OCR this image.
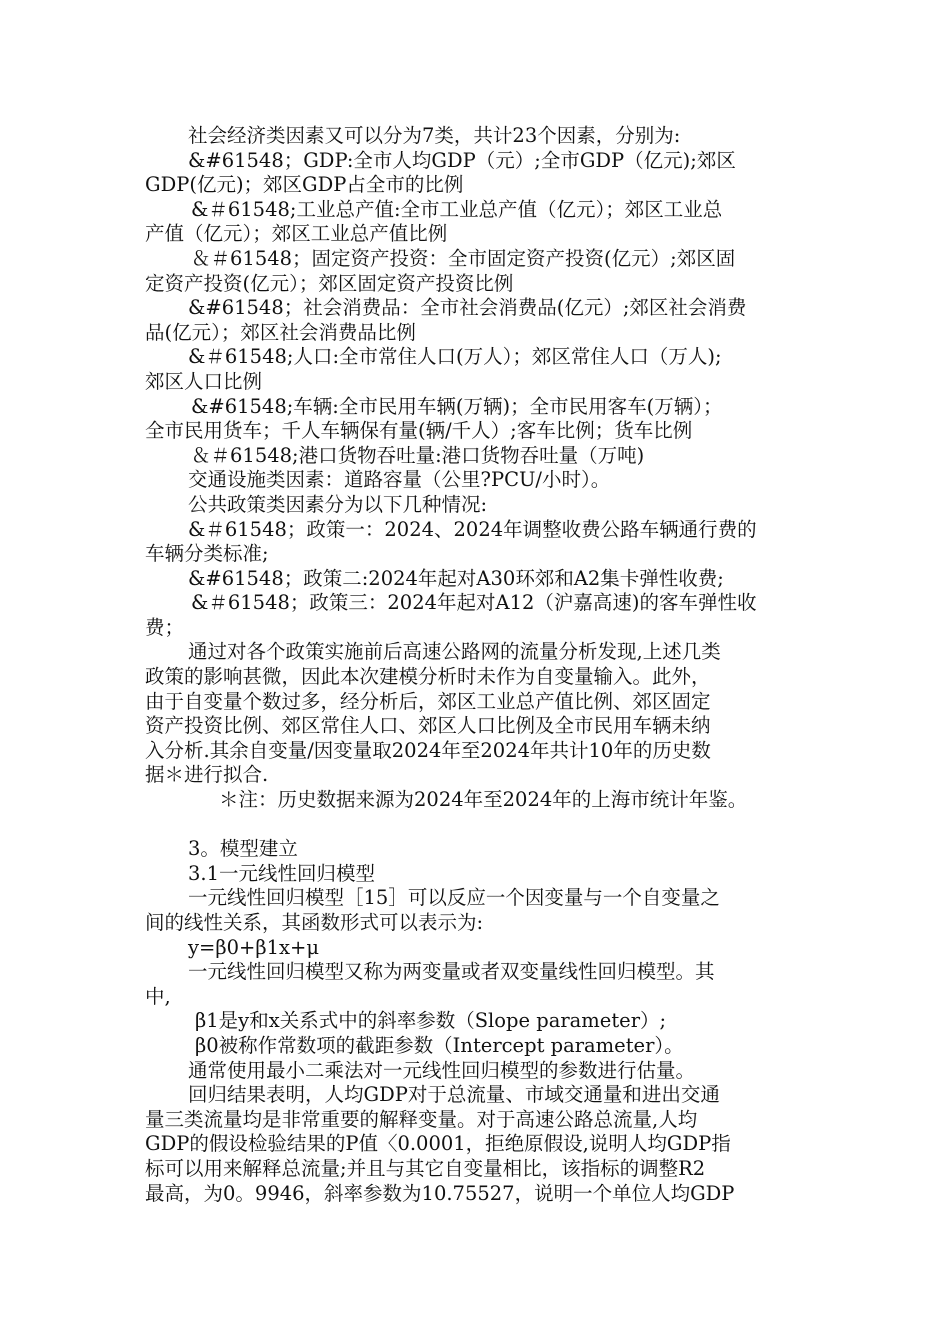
社会经济类因素又可以分为7类，共计23个因素，分别为:
&#61548；GDP:全市人均GDP（元）;全市GDP（亿元);郊区
GDP(亿元)；郊区GDP占全市的比例
&＃61548;工业总产值:全市工业总产值（亿元）；郊区工业总
产值（亿元）；郊区工业总产值比例
＆＃61548；固定资产投资：全市固定资产投资(亿元）;郊区固
定资产投资(亿元）；郊区固定资产投资比例
&#61548；社会消费品：全市社会消费品(亿元）;郊区社会消费
品(亿元）；郊区社会消费品比例
&＃61548;人口:全市常住人口(万人）；郊区常住人口（万人);
郊区人口比例
&#61548;车辆:全市民用车辆(万辆)；全市民用客车(万辆）；
全市民用货车；千人车辆保有量(辆/千人）;客车比例；货车比例
＆＃61548;港口货物吞吐量:港口货物吞吐量（万吨)
交通设施类因素：道路容量（公里?PCU/小时）。
公共政策类因素分为以下几种情况:
&＃61548；政策一：2024、2024年调整收费公路车辆通行费的
车辆分类标准;
&#61548；政策二:2024年起对A30环郊和A2集卡弹性收费;
&＃61548；政策三：2024年起对A12（沪嘉高速)的客车弹性收
费；
通过对各个政策实施前后高速公路网的流量分析发现,上述几类
政策的影响甚微，因此本次建模分析时未作为自变量输入。此外，
由于自变量个数过多，经分析后，郊区工业总产值比例、郊区固定
资产投资比例、郊区常住人口、郊区人口比例及全市民用车辆未纳
入分析.其余自变量/因变量取2024年至2024年共计10年的历史数
据＊进行拟合.
＊注：历史数据来源为2024年至2024年的上海市统计年鉴。
3。模型建立
3.1一元线性回归模型
一元线性回归模型［15］可以反应一个因变量与一个自变量之
间的线性关系，其函数形式可以表示为:
y=β0+β1x+μ
一元线性回归模型又称为两变量或者双变量线性回归模型。其
中,
β1是y和x关系式中的斜率参数（Slope parameter）;
β0被称作常数项的截距参数（Intercept parameter）。
通常使用最小二乘法对一元线性回归模型的参数进行估量。
回归结果表明，人均GDP对于总流量、市域交通量和进出交通
量三类流量均是非常重要的解释变量。对于高速公路总流量,人均
GDP的假设检验结果的P值〈0.0001，拒绝原假设,说明人均GDP指
标可以用来解释总流量;并且与其它自变量相比，该指标的调整R2
最高，为0。9946，斜率参数为10.75527，说明一个单位人均GDP
